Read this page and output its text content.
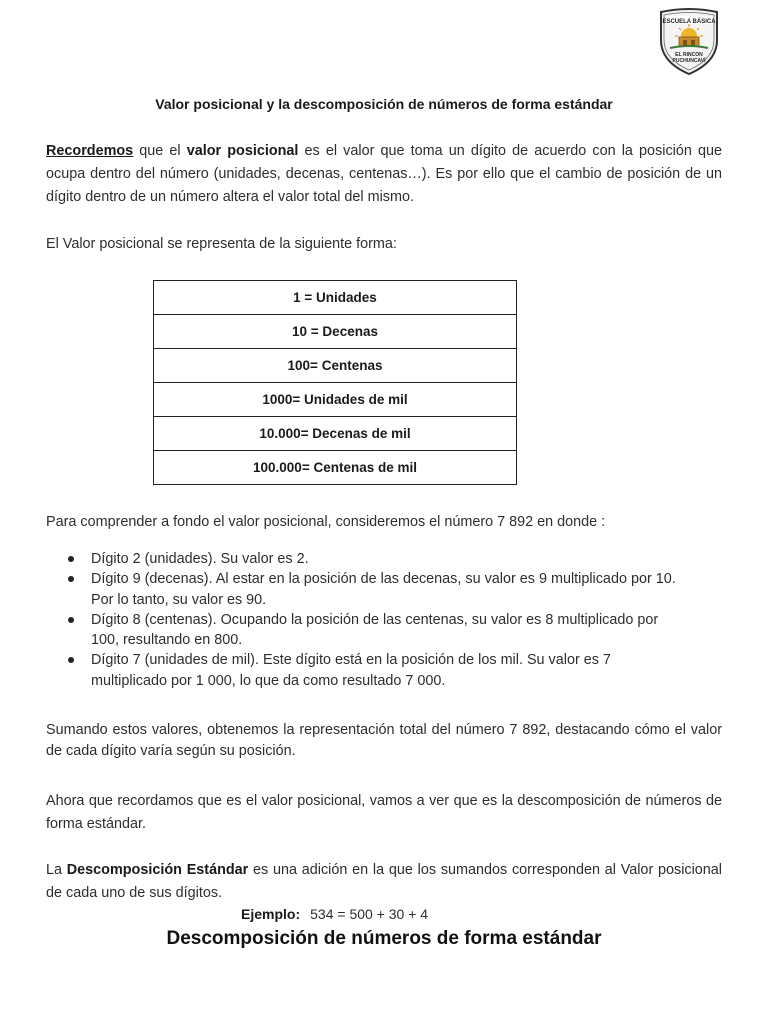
ESCUELA BÁSICA
EL RINCON
PUCHUNCAVÍ
Valor posicional y la descomposición de números de forma estándar

Recordemos que el valor posicional es el valor que toma un dígito de acuerdo con la posición que ocupa dentro del número (unidades, decenas, centenas…). Es por ello que el cambio de posición de un dígito dentro de un número altera el valor total del mismo.

El Valor posicional se representa de la siguiente forma:

1 = Unidades
10 = Decenas
100= Centenas
1000= Unidades de mil
10.000= Decenas de mil
100.000= Centenas de mil

Para comprender a fondo el valor posicional, consideremos el número 7 892 en donde :

Dígito 2 (unidades). Su valor es 2.
Dígito 9 (decenas). Al estar en la posición de las decenas, su valor es 9 multiplicado por 10. Por lo tanto, su valor es 90.
Dígito 8 (centenas). Ocupando la posición de las centenas, su valor es 8 multiplicado por 100, resultando en 800.
Dígito 7 (unidades de mil). Este dígito está en la posición de los mil. Su valor es 7 multiplicado por 1 000, lo que da como resultado 7 000.

Sumando estos valores, obtenemos la representación total del número 7 892, destacando cómo el valor de cada dígito varía según su posición.

Ahora que recordamos que es el valor posicional, vamos a ver que es la descomposición de números de forma estándar.

La Descomposición Estándar es una adición en la que los sumandos corresponden al Valor posicional de cada uno de sus dígitos.

Ejemplo: 534 = 500 + 30 + 4
Descomposición de números de forma estándar
